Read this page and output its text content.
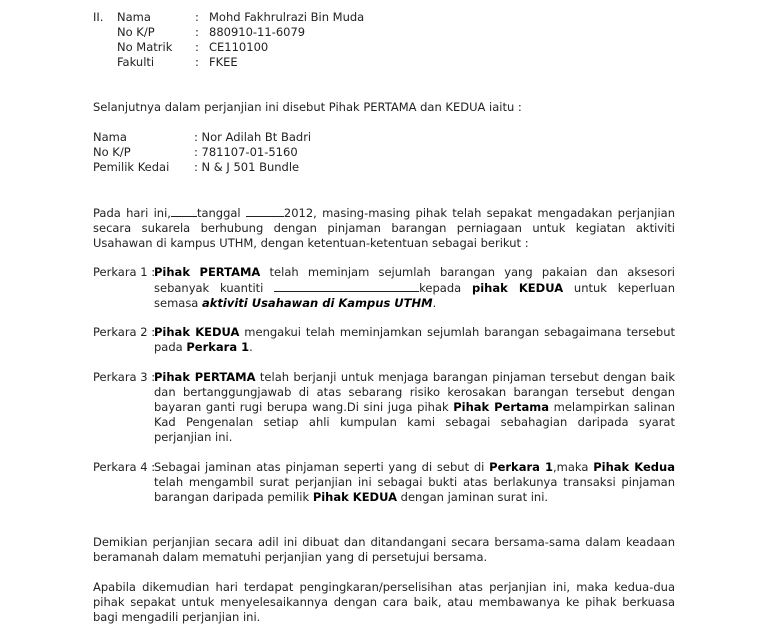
II. Nama	: Mohd Fakhrulrazi Bin Muda
No K/P	: 880910-11-6079
No Matrik : CE110100
Fakulti	: FKEE
Selanjutnya dalam perjanjian ini disebut Pihak PERTAMA dan KEDUA iaitu :
Nama	: Nor Adilah Bt Badri
No K/P	: 781107-01-5160
Pemilik Kedai : N & J 501 Bundle
Pada hari ini, tanggal	2012, masing-masing pihak telah sepakat mengadakan perjanjian secara sukarela berhubung dengan pinjaman barangan perniagaan untuk kegiatan aktiviti Usahawan di kampus UTHM, dengan ketentuan-ketentuan sebagai berikut :
Perkara 1 :
Pihak PERTAMA telah meminjam sejumlah barangan yang pakaian dan aksesori sebanyak kuantiti	kepada pihak KEDUA untuk keperluan semasa aktiviti Usahawan di Kampus UTHM.
Perkara 2 :
Pihak KEDUA mengakui telah meminjamkan sejumlah barangan sebagaimana tersebut pada Perkara 1.
Perkara 3 :
Pihak PERTAMA telah berjanji untuk menjaga barangan pinjaman tersebut dengan baik dan bertanggungjawab di atas sebarang risiko kerosakan barangan tersebut dengan bayaran ganti rugi berupa wang.Di sini juga pihak Pihak Pertama melampirkan salinan Kad Pengenalan setiap ahli kumpulan kami sebagai sebahagian daripada syarat perjanjian ini.
Perkara 4 :
Sebagai jaminan atas pinjaman seperti yang di sebut di Perkara 1,maka Pihak Kedua telah mengambil surat perjanjian ini sebagai bukti atas berlakunya transaksi pinjaman barangan daripada pemilik Pihak KEDUA dengan jaminan surat ini.
Demikian perjanjian secara adil ini dibuat dan ditandangani secara bersama-sama dalam keadaan beramanah dalam mematuhi perjanjian yang di persetujui bersama.
Apabila dikemudian hari terdapat pengingkaran/perselisihan atas perjanjian ini, maka kedua-dua pihak sepakat untuk menyelesaikannya dengan cara baik, atau membawanya ke pihak berkuasa bagi mengadili perjanjian ini.
